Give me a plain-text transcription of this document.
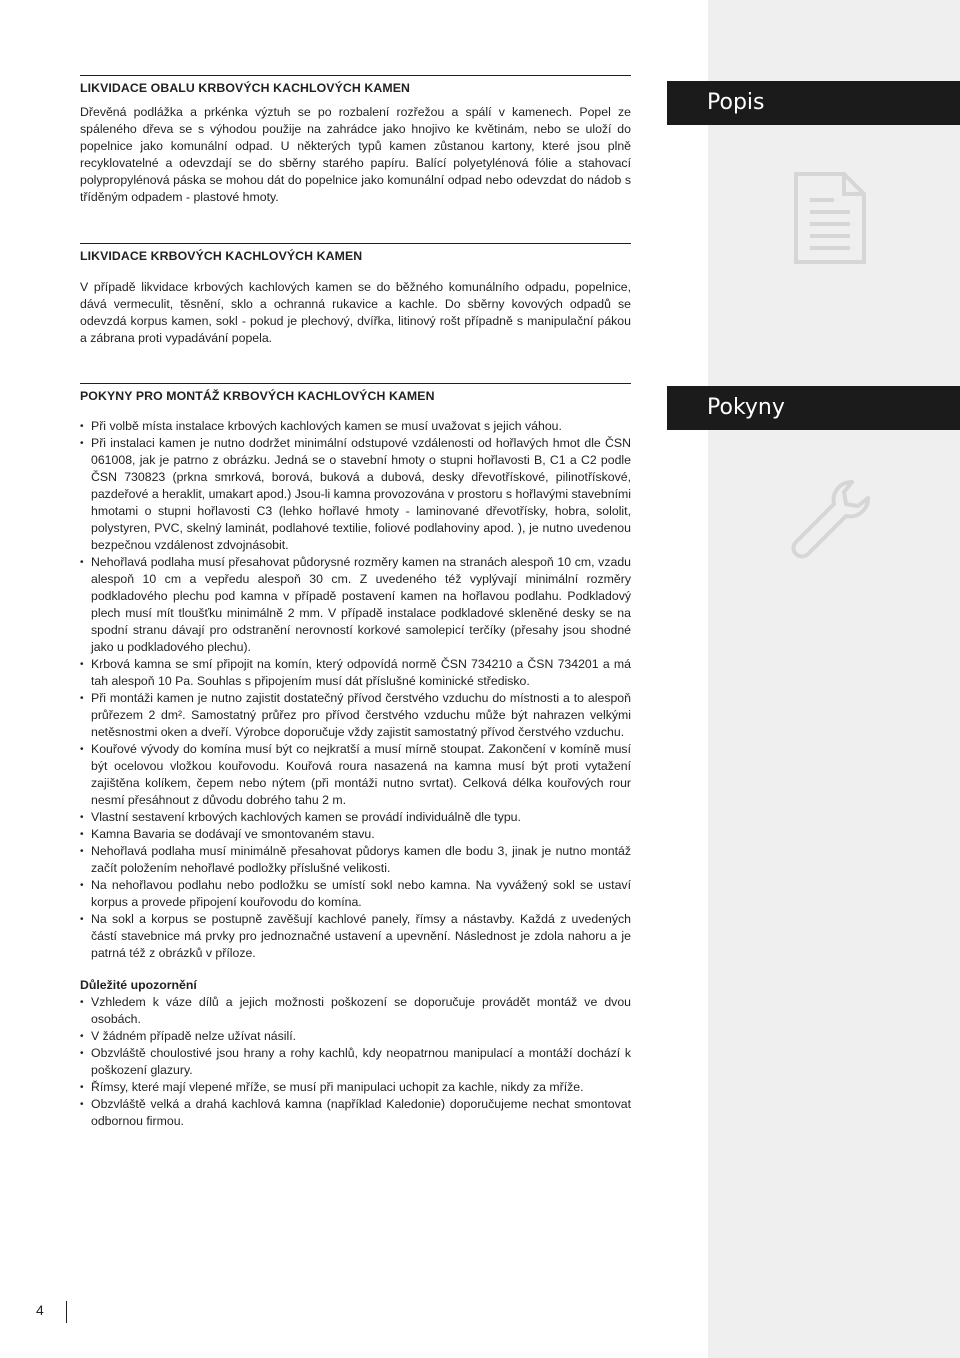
Popis
Pokyny
LIKVIDACE OBALU KRBOVÝCH KACHLOVÝCH KAMEN

Dřevěná podlážka a prkénka výztuh se po rozbalení rozřežou a spálí v kamenech. Popel ze spáleného dřeva se s výhodou použije na zahrádce jako hnojivo ke květinám, nebo se uloží do popelnice jako komunální odpad. U některých typů kamen zůstanou kartony, které jsou plně recyklovatelné a odevzdají se do sběrny starého papíru. Balící polyetylénová fólie a stahovací polypropylénová páska se mohou dát do popelnice jako komunální odpad nebo odevzdat do nádob s tříděným odpadem - plastové hmoty.

LIKVIDACE KRBOVÝCH KACHLOVÝCH KAMEN

V případě likvidace krbových kachlových kamen se do běžného komunálního odpadu, popelnice, dává vermeculit, těsnění, sklo a ochranná rukavice a kachle. Do sběrny kovových odpadů se odevzdá korpus kamen, sokl - pokud je plechový, dvířka, litinový rošt případně s manipulační pákou a zábrana proti vypadávání popela.

POKYNY PRO MONTÁŽ KRBOVÝCH KACHLOVÝCH KAMEN
• Při volbě místa instalace krbových kachlových kamen se musí uvažovat s jejich váhou.
• Při instalaci kamen je nutno dodržet minimální odstupové vzdálenosti od hořlavých hmot dle ČSN 061008, jak je patrno z obrázku. Jedná se o stavební hmoty o stupni hořlavosti B, C1 a C2 podle ČSN 730823 (prkna smrková, borová, buková a dubová, desky dřevotřískové, pilinotřískové, pazdeřové a heraklit, umakart apod.) Jsou-li kamna provozována v prostoru s hořlavými stavebními hmotami o stupni hořlavosti C3 (lehko hořlavé hmoty - laminované dřevotřísky, hobra, sololit, polystyren, PVC, skelný laminát, podlahové textilie, foliové podlahoviny apod. ), je nutno uvedenou bezpečnou vzdálenost zdvojnásobit.
• Nehořlavá podlaha musí přesahovat půdorysné rozměry kamen na stranách alespoň 10 cm, vzadu alespoň 10 cm a vepředu alespoň 30 cm. Z uvedeného též vyplývají minimální rozměry podkladového plechu pod kamna v případě postavení kamen na hořlavou podlahu. Podkladový plech musí mít tloušťku minimálně 2 mm. V případě instalace podkladové skleněné desky se na spodní stranu dávají pro odstranění nerovností korkové samolepicí terčíky (přesahy jsou shodné jako u podkladového plechu).
• Krbová kamna se smí připojit na komín, který odpovídá normě ČSN 734210 a ČSN 734201 a má tah alespoň 10 Pa. Souhlas s připojením musí dát příslušné kominické středisko.
• Při montáži kamen je nutno zajistit dostatečný přívod čerstvého vzduchu do místnosti a to alespoň průřezem 2 dm². Samostatný průřez pro přívod čerstvého vzduchu může být nahrazen velkými netěsnostmi oken a dveří. Výrobce doporučuje vždy zajistit samostatný přívod čerstvého vzduchu.
• Kouřové vývody do komína musí být co nejkratší a musí mírně stoupat. Zakončení v komíně musí být ocelovou vložkou kouřovodu. Kouřová roura nasazená na kamna musí být proti vytažení zajištěna kolíkem, čepem nebo nýtem (při montáži nutno svrtat). Celková délka kouřových rour nesmí přesáhnout z důvodu dobrého tahu 2 m.
• Vlastní sestavení krbových kachlových kamen se provádí individuálně dle typu.
• Kamna Bavaria se dodávají ve smontovaném stavu.
• Nehořlavá podlaha musí minimálně přesahovat půdorys kamen dle bodu 3, jinak je nutno montáž začít položením nehořlavé podložky příslušné velikosti.
• Na nehořlavou podlahu nebo podložku se umístí sokl nebo kamna. Na vyvážený sokl se ustaví korpus a provede připojení kouřovodu do komína.
• Na sokl a korpus se postupně zavěšují kachlové panely, římsy a nástavby. Každá z uvedených částí stavebnice má prvky pro jednoznačné ustavení a upevnění. Následnost je zdola nahoru a je patrná též z obrázků v příloze.
Důležité upozornění
• Vzhledem k váze dílů a jejich možnosti poškození se doporučuje provádět montáž ve dvou osobách.
• V žádném případě nelze užívat násilí.
• Obzvláště choulostivé jsou hrany a rohy kachlů, kdy neopatrnou manipulací a montáží dochází k poškození glazury.
• Římsy, které mají vlepené mříže, se musí při manipulaci uchopit za kachle, nikdy za mříže.
• Obzvláště velká a drahá kachlová kamna (například Kaledonie) doporučujeme nechat smontovat odbornou firmou.
4
